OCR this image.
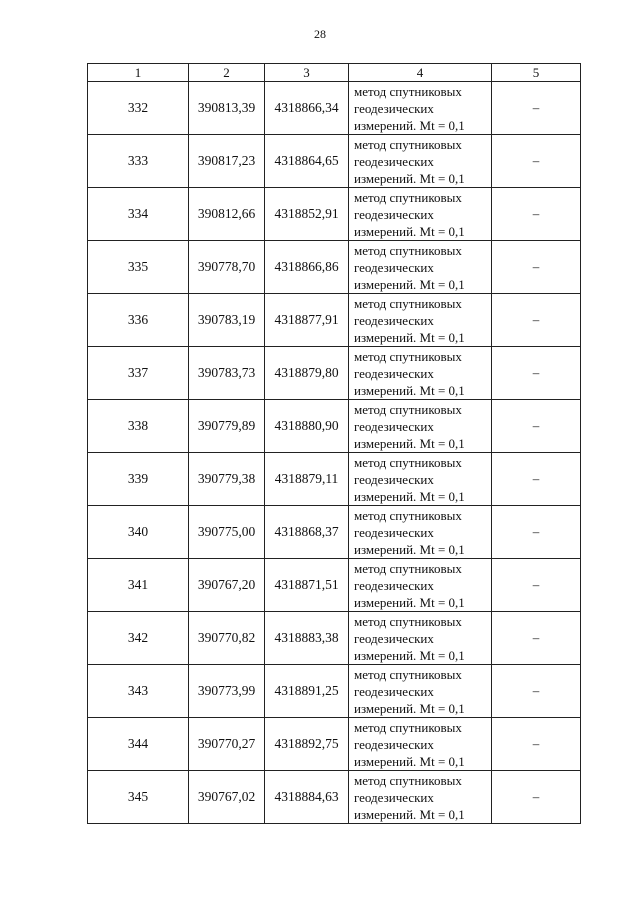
28
1	2	3	4	5
332	390813,39	4318866,34	метод спутниковых
геодезических
измерений. Mt = 0,1	–
333	390817,23	4318864,65	метод спутниковых
геодезических
измерений. Mt = 0,1	–
334	390812,66	4318852,91	метод спутниковых
геодезических
измерений. Mt = 0,1	–
335	390778,70	4318866,86	метод спутниковых
геодезических
измерений. Mt = 0,1	–
336	390783,19	4318877,91	метод спутниковых
геодезических
измерений. Mt = 0,1	–
337	390783,73	4318879,80	метод спутниковых
геодезических
измерений. Mt = 0,1	–
338	390779,89	4318880,90	метод спутниковых
геодезических
измерений. Mt = 0,1	–
339	390779,38	4318879,11	метод спутниковых
геодезических
измерений. Mt = 0,1	–
340	390775,00	4318868,37	метод спутниковых
геодезических
измерений. Mt = 0,1	–
341	390767,20	4318871,51	метод спутниковых
геодезических
измерений. Mt = 0,1	–
342	390770,82	4318883,38	метод спутниковых
геодезических
измерений. Mt = 0,1	–
343	390773,99	4318891,25	метод спутниковых
геодезических
измерений. Mt = 0,1	–
344	390770,27	4318892,75	метод спутниковых
геодезических
измерений. Mt = 0,1	–
345	390767,02	4318884,63	метод спутниковых
геодезических
измерений. Mt = 0,1	–
